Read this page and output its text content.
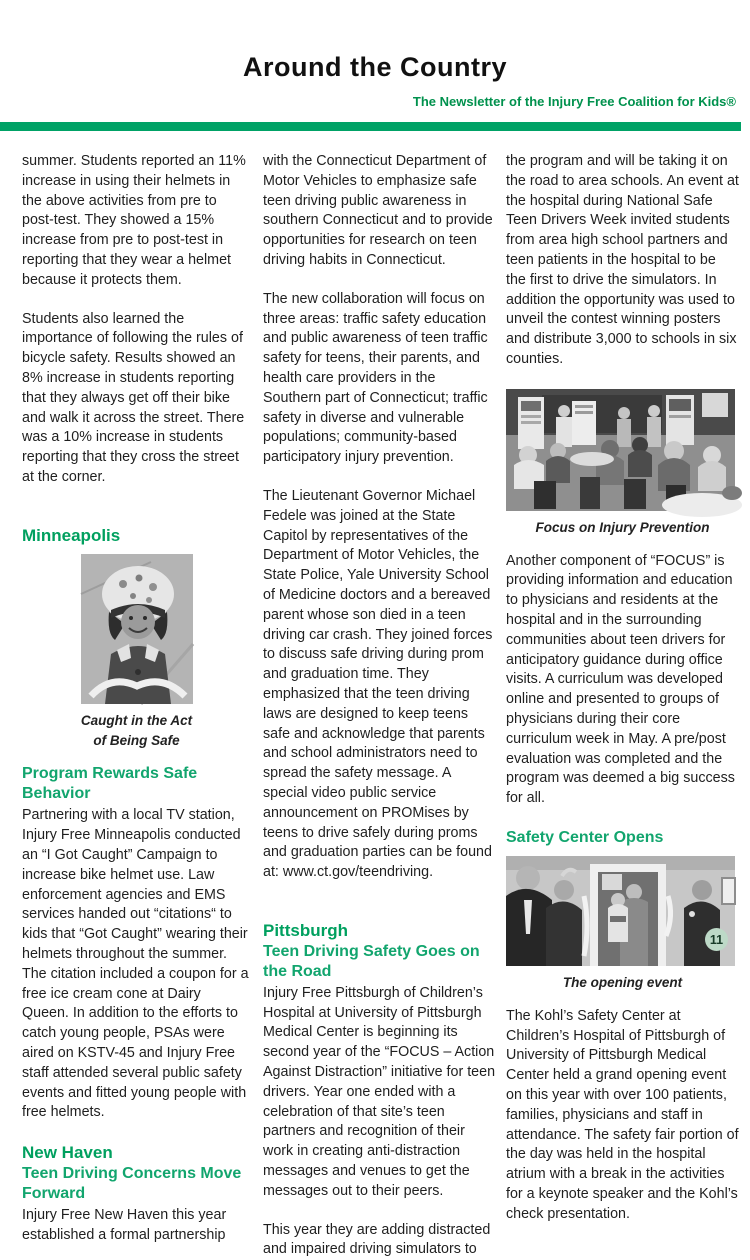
Around the Country
The Newsletter of the Injury Free Coalition for Kids®

summer. Students reported an 11% increase in using their helmets in the above activities from pre to post-test. They showed a 15% increase from pre to post-test in reporting that they wear a helmet because it protects them.

Students also learned the importance of following the rules of bicycle safety. Results showed an 8% increase in students reporting that they always get off their bike and walk it across the street. There was a 10% increase in students reporting that they cross the street at the corner.

Minneapolis
Caught in the Act of Being Safe
Program Rewards Safe Behavior

Partnering with a local TV station, Injury Free Minneapolis conducted an “I Got Caught” Campaign to increase bike helmet use. Law enforcement agencies and EMS services handed out “citations“ to kids that “Got Caught” wearing their helmets throughout the summer. The citation included a coupon for a free ice cream cone at Dairy Queen. In addition to the efforts to catch young people, PSAs were aired on KSTV-45 and Injury Free staff attended several public safety events and fitted young people with free helmets.

New Haven
Teen Driving Concerns Move Forward

Injury Free New Haven this year established a formal partnership

with the Connecticut Department of Motor Vehicles to emphasize safe teen driving public awareness in southern Connecticut and to provide opportunities for research on teen driving habits in Connecticut.

The new collaboration will focus on three areas: traffic safety education and public awareness of teen traffic safety for teens, their parents, and health care providers in the Southern part of Connecticut; traffic safety in diverse and vulnerable populations; community-based participatory injury prevention.

The Lieutenant Governor Michael Fedele was joined at the State Capitol by representatives of the Department of Motor Vehicles, the State Police, Yale University School of Medicine doctors and a bereaved parent whose son died in a teen driving car crash. They joined forces to discuss safe driving during prom and graduation time. They emphasized that the teen driving laws are designed to keep teens safe and acknowledge that parents and school administrators need to spread the safety message. A special video public service announcement on PROMises by teens to drive safely during proms and graduation parties can be found at: www.ct.gov/teendriving.

Pittsburgh
Teen Driving Safety Goes on the Road

Injury Free Pittsburgh of Children’s Hospital at University of Pittsburgh Medical Center is beginning its second year of the “FOCUS – Action Against Distraction” initiative for teen drivers. Year one ended with a celebration of that site’s teen partners and recognition of their work in creating anti-distraction messages and venues to get the messages out to their peers.

This year they are adding distracted and impaired driving simulators to

the program and will be taking it on the road to area schools. An event at the hospital during National Safe Teen Drivers Week invited students from area high school partners and teen patients in the hospital to be the first to drive the simulators. In addition the opportunity was used to unveil the contest winning posters and distribute 3,000 to schools in six counties.

Focus on Injury Prevention

Another component of “FOCUS” is providing information and education to physicians and residents at the hospital and in the surrounding communities about teen drivers for anticipatory guidance during office visits. A curriculum was developed online and presented to groups of physicians during their core curriculum week in May. A pre/post evaluation was completed and the program was deemed a big success for all.

Safety Center Opens
The opening event

The Kohl’s Safety Center at Children’s Hospital of Pittsburgh of University of Pittsburgh Medical Center held a grand opening event on this year with over 100 patients, families, physicians and staff in attendance. The safety fair portion of the day was held in the hospital atrium with a break in the activities for a keynote speaker and the Kohl’s check presentation.

11
